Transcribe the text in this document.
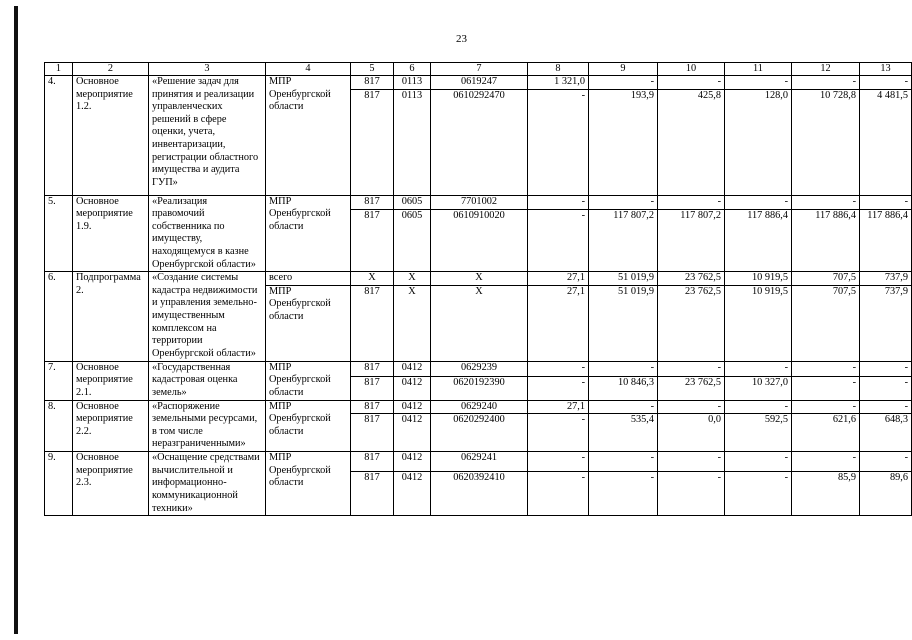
23
1	2	3	4	5	6	7	8	9	10	11	12	13
4.	Основное мероприятие 1.2.	«Решение задач для принятия и реализации управленческих решений в сфере оценки, учета, инвентаризации, регистрации областного имущества и аудита ГУП»	МПР Оренбургской области	817	0113	0619247	1 321,0	-	-	-	-	-
				817	0113	0610292470	-	193,9	425,8	128,0	10 728,8	4 481,5
5.	Основное мероприятие 1.9.	«Реализация правомочий собственника по имуществу, находящемуся в казне Оренбургской области»	МПР Оренбургской области	817	0605	7701002	-	-	-	-	-	-
				817	0605	0610910020	-	117 807,2	117 807,2	117 886,4	117 886,4	117 886,4
6.	Подпрограмма 2.	«Создание системы кадастра недвижимости и управления земельно-имущественным комплексом на территории Оренбургской области»	всего	X	X	X	27,1	51 019,9	23 762,5	10 919,5	707,5	737,9
			МПР Оренбургской области	817	X	X	27,1	51 019,9	23 762,5	10 919,5	707,5	737,9
7.	Основное мероприятие 2.1.	«Государственная кадастровая оценка земель»	МПР Оренбургской области	817	0412	0629239	-	-	-	-	-	-
				817	0412	0620192390	-	10 846,3	23 762,5	10 327,0	-	-
8.	Основное мероприятие 2.2.	«Распоряжение земельными ресурсами, в том числе неразграниченными»	МПР Оренбургской области	817	0412	0629240	27,1	-	-	-	-	-
				817	0412	0620292400	-	535,4	0,0	592,5	621,6	648,3
9.	Основное мероприятие 2.3.	«Оснащение средствами вычислительной и информационно-коммуникационной техники»	МПР Оренбургской области	817	0412	0629241	-	-	-	-	-	-
				817	0412	0620392410	-	-	-	-	85,9	89,6
